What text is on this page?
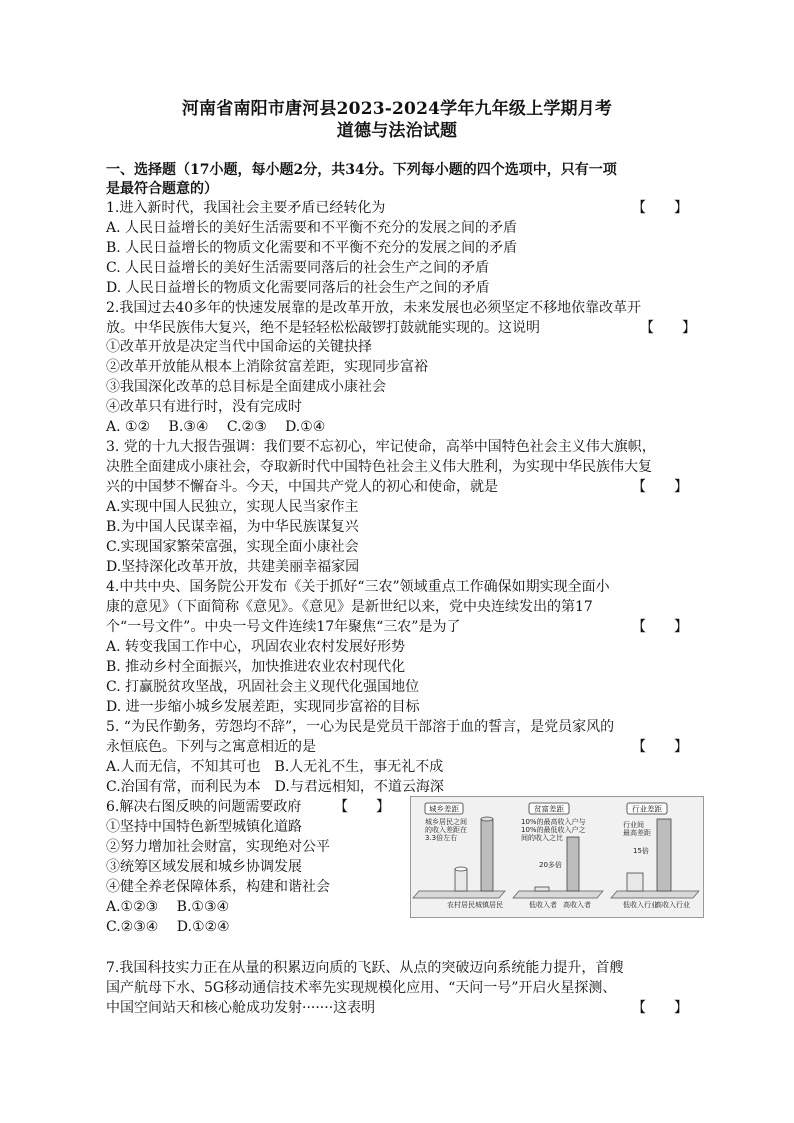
河南省南阳市唐河县2023-2024学年九年级上学期月考
道德与法治试题
一、选择题（17小题，每小题2分，共34分。下列每小题的四个选项中，只有一项
是最符合题意的）
1.进入新时代，我国社会主要矛盾已经转化为	【　　】
A. 人民日益增长的美好生活需要和不平衡不充分的发展之间的矛盾
B. 人民日益增长的物质文化需要和不平衡不充分的发展之间的矛盾
C. 人民日益增长的美好生活需要同落后的社会生产之间的矛盾
D. 人民日益增长的物质文化需要同落后的社会生产之间的矛盾
2.我国过去40多年的快速发展靠的是改革开放，未来发展也必须坚定不移地依靠改革开
放。中华民族伟大复兴，绝不是轻轻松松敲锣打鼓就能实现的。这说明	【　　】
①改革开放是决定当代中国命运的关键抉择
②改革开放能从根本上消除贫富差距，实现同步富裕
③我国深化改革的总目标是全面建成小康社会
④改革只有进行时，没有完成时
A. ①②　 B.③④　 C.②③　 D.①④
3. 党的十九大报告强调：我们要不忘初心，牢记使命，高举中国特色社会主义伟大旗帜，
决胜全面建成小康社会，夺取新时代中国特色社会主义伟大胜利，为实现中华民族伟大复
兴的中国梦不懈奋斗。今天，中国共产党人的初心和使命，就是	【　　】
A.实现中国人民独立，实现人民当家作主
B.为中国人民谋幸福，为中华民族谋复兴
C.实现国家繁荣富强，实现全面小康社会
D.坚持深化改革开放，共建美丽幸福家园
4.中共中央、国务院公开发布《关于抓好“三农”领域重点工作确保如期实现全面小
康的意见》（下面简称《意见》。《意见》是新世纪以来，党中央连续发出的第17
个“一号文件”。中央一号文件连续17年聚焦“三农”是为了	【　　】
A. 转变我国工作中心，巩固农业农村发展好形势
B. 推动乡村全面振兴，加快推进农业农村现代化
C. 打赢脱贫攻坚战，巩固社会主义现代化强国地位
D. 进一步缩小城乡发展差距，实现同步富裕的目标
5. “为民作勤务，劳怨均不辞”，一心为民是党员干部溶于血的誓言，是党员家风的
永恒底色。下列与之寓意相近的是	【　　】
A.人而无信，不知其可也　B.人无礼不生，事无礼不成
C.治国有常，而利民为本　D.与君远相知，不道云海深
6.解决右图反映的问题需要政府 【　　】
①坚持中国特色新型城镇化道路
②努力增加社会财富，实现绝对公平
③统筹区域发展和城乡协调发展
④健全养老保障体系，构建和谐社会
A.①②③　 B.①③④
C.②③④　 D.①②④
城乡差距
城乡居民之间
的收入差距在
3.3倍左右
农村居民 城镇居民
贫富差距
10%的最高收入户与
10%的最低收入户之
间的收入之比
20多倍
低收入者 高收入者
行业差距
行业间
最高差距
15倍
低收入行业
高收入行业
7.我国科技实力正在从量的积累迈向质的飞跃、从点的突破迈向系统能力提升，首艘
国产航母下水、5G移动通信技术率先实现规模化应用、“天问一号”开启火星探测、
中国空间站天和核心舱成功发射·······这表明	【　　】
